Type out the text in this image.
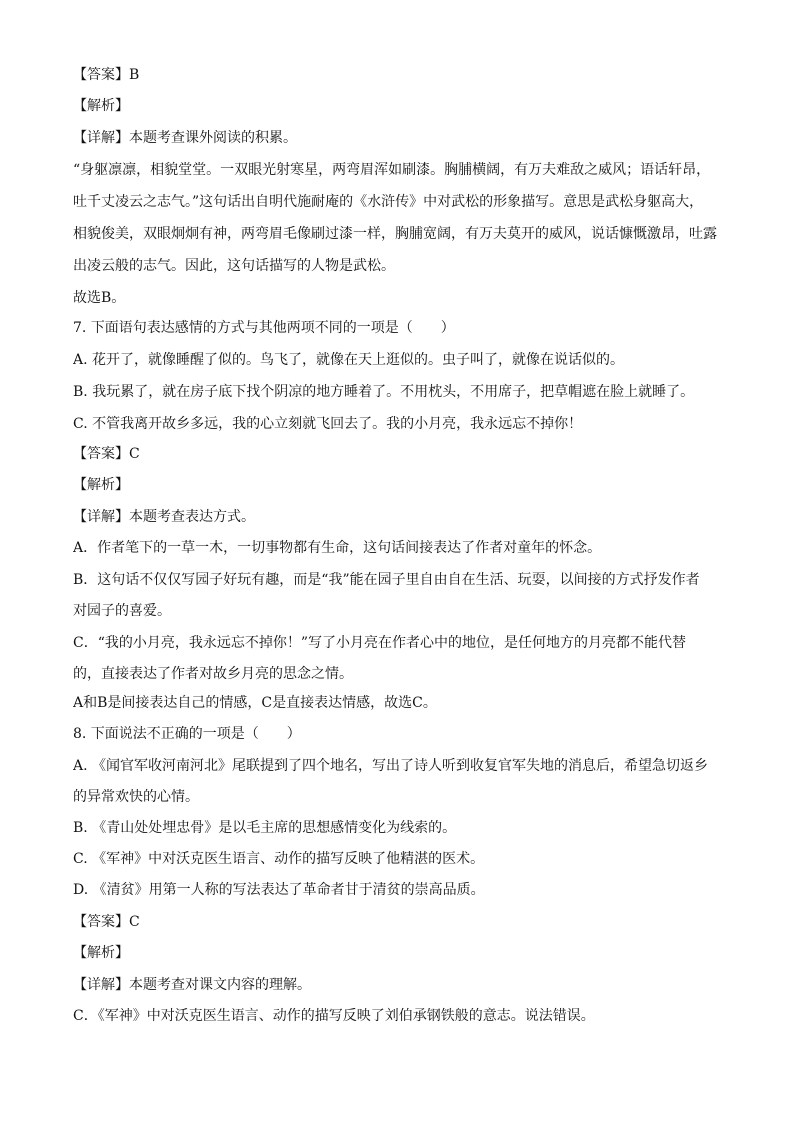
【答案】B
【解析】
【详解】本题考查课外阅读的积累。
“身躯凛凛，相貌堂堂。一双眼光射寒星，两弯眉浑如刷漆。胸脯横阔，有万夫难敌之威风；语话轩昂，
吐千丈凌云之志气。”这句话出自明代施耐庵的《水浒传》中对武松的形象描写。意思是武松身躯高大，
相貌俊美，双眼炯炯有神，两弯眉毛像刷过漆一样，胸脯宽阔，有万夫莫开的威风，说话慷慨激昂，吐露
出凌云般的志气。因此，这句话描写的人物是武松。
故选B。
7. 下面语句表达感情的方式与其他两项不同的一项是（　　）
A. 花开了，就像睡醒了似的。鸟飞了，就像在天上逛似的。虫子叫了，就像在说话似的。
B. 我玩累了，就在房子底下找个阴凉的地方睡着了。不用枕头，不用席子，把草帽遮在脸上就睡了。
C. 不管我离开故乡多远，我的心立刻就飞回去了。我的小月亮，我永远忘不掉你！
【答案】C
【解析】
【详解】本题考查表达方式。
A．作者笔下的一草一木，一切事物都有生命，这句话间接表达了作者对童年的怀念。
B．这句话不仅仅写园子好玩有趣，而是“我”能在园子里自由自在生活、玩耍，以间接的方式抒发作者
对园子的喜爱。
C．“我的小月亮，我永远忘不掉你！”写了小月亮在作者心中的地位，是任何地方的月亮都不能代替
的，直接表达了作者对故乡月亮的思念之情。
A和B是间接表达自己的情感，C是直接表达情感，故选C。
8. 下面说法不正确的一项是（　　）
A. 《闻官军收河南河北》尾联提到了四个地名，写出了诗人听到收复官军失地的消息后，希望急切返乡
的异常欢快的心情。
B. 《青山处处埋忠骨》是以毛主席的思想感情变化为线索的。
C. 《军神》中对沃克医生语言、动作的描写反映了他精湛的医术。
D. 《清贫》用第一人称的写法表达了革命者甘于清贫的崇高品质。
【答案】C
【解析】
【详解】本题考查对课文内容的理解。
C．《军神》中对沃克医生语言、动作的描写反映了刘伯承钢铁般的意志。说法错误。
